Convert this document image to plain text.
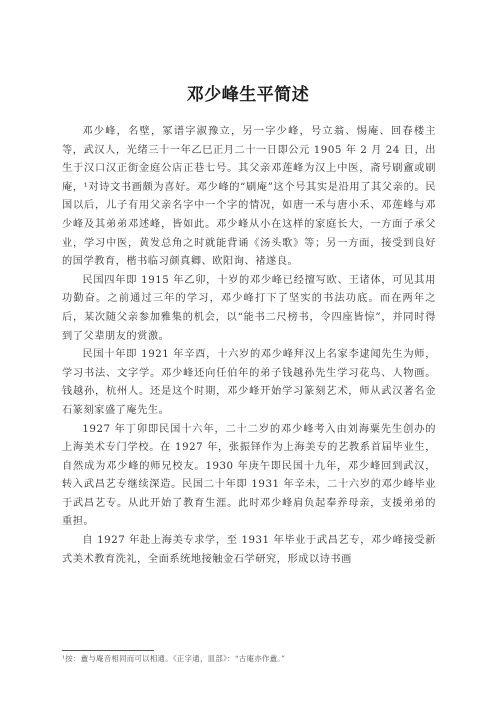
邓少峰生平简述

邓少峰，名壁，冢谱字淑豫立，另一字少峰，号立翁、惕庵、回春楼主等，武汉人，光绪三十一年乙巳正月二十一日即公元 1905 年 2 月 24 日，出生于汉口汉正街金庭公店正巷七号。其父亲邓莲峰为汉上中医，斋号刷盦或刷庵，¹对诗文书画颇为喜好。邓少峰的“刷庵”这个号其实是沿用了其父亲的。民国以后，儿子有用父亲名字中一个字的情况，如唐一禾与唐小禾、邓莲峰与邓少峰及其弟弟邓述峰，皆如此。邓少峰从小在这样的家庭长大，一方面子承父业，学习中医，黄发总角之时就能背诵《汤头歌》等；另一方面，接受到良好的国学教育，楷书临习颜真卿、欧阳询、褚遂良。

民国四年即 1915 年乙卯，十岁的邓少峰已经擅写欧、王诸体，可见其用功勤奋。之前通过三年的学习，邓少峰打下了坚实的书法功底。而在两年之后，某次随父亲参加雅集的机会，以“能书二尺榜书，令四座皆惊”，并同时得到了父辈朋友的赏激。

民国十年即 1921 年辛酉，十六岁的邓少峰拜汉上名家李逮闻先生为师，学习书法、文字学。邓少峰还向任伯年的弟子钱越孙先生学习花鸟、人物画。钱越孙，杭州人。还是这个时期，邓少峰开始学习篆刻艺术，师从武汉著名金石篆刻家盛了庵先生。

1927 年丁卯即民国十六年，二十二岁的邓少峰考入由刘海粟先生创办的上海美术专门学校。在 1927 年，张振铎作为上海美专的艺教系首届毕业生，自然成为邓少峰的师兄校友。1930 年庚午即民国十九年，邓少峰回到武汉，转入武昌艺专继续深造。民国二十年即 1931 年辛未，二十六岁的邓少峰毕业于武昌艺专。从此开始了教育生涯。此时邓少峰肩负起奉养母亲，支援弟弟的重担。

自 1927 年赴上海美专求学，至 1931 年毕业于武昌艺专，邓少峰接受新式美术教育洗礼，全面系统地接触金石学研究，形成以诗书画

¹按：盦与庵音相同而可以相通。《正字通，皿部》：“古庵亦作盦。”
